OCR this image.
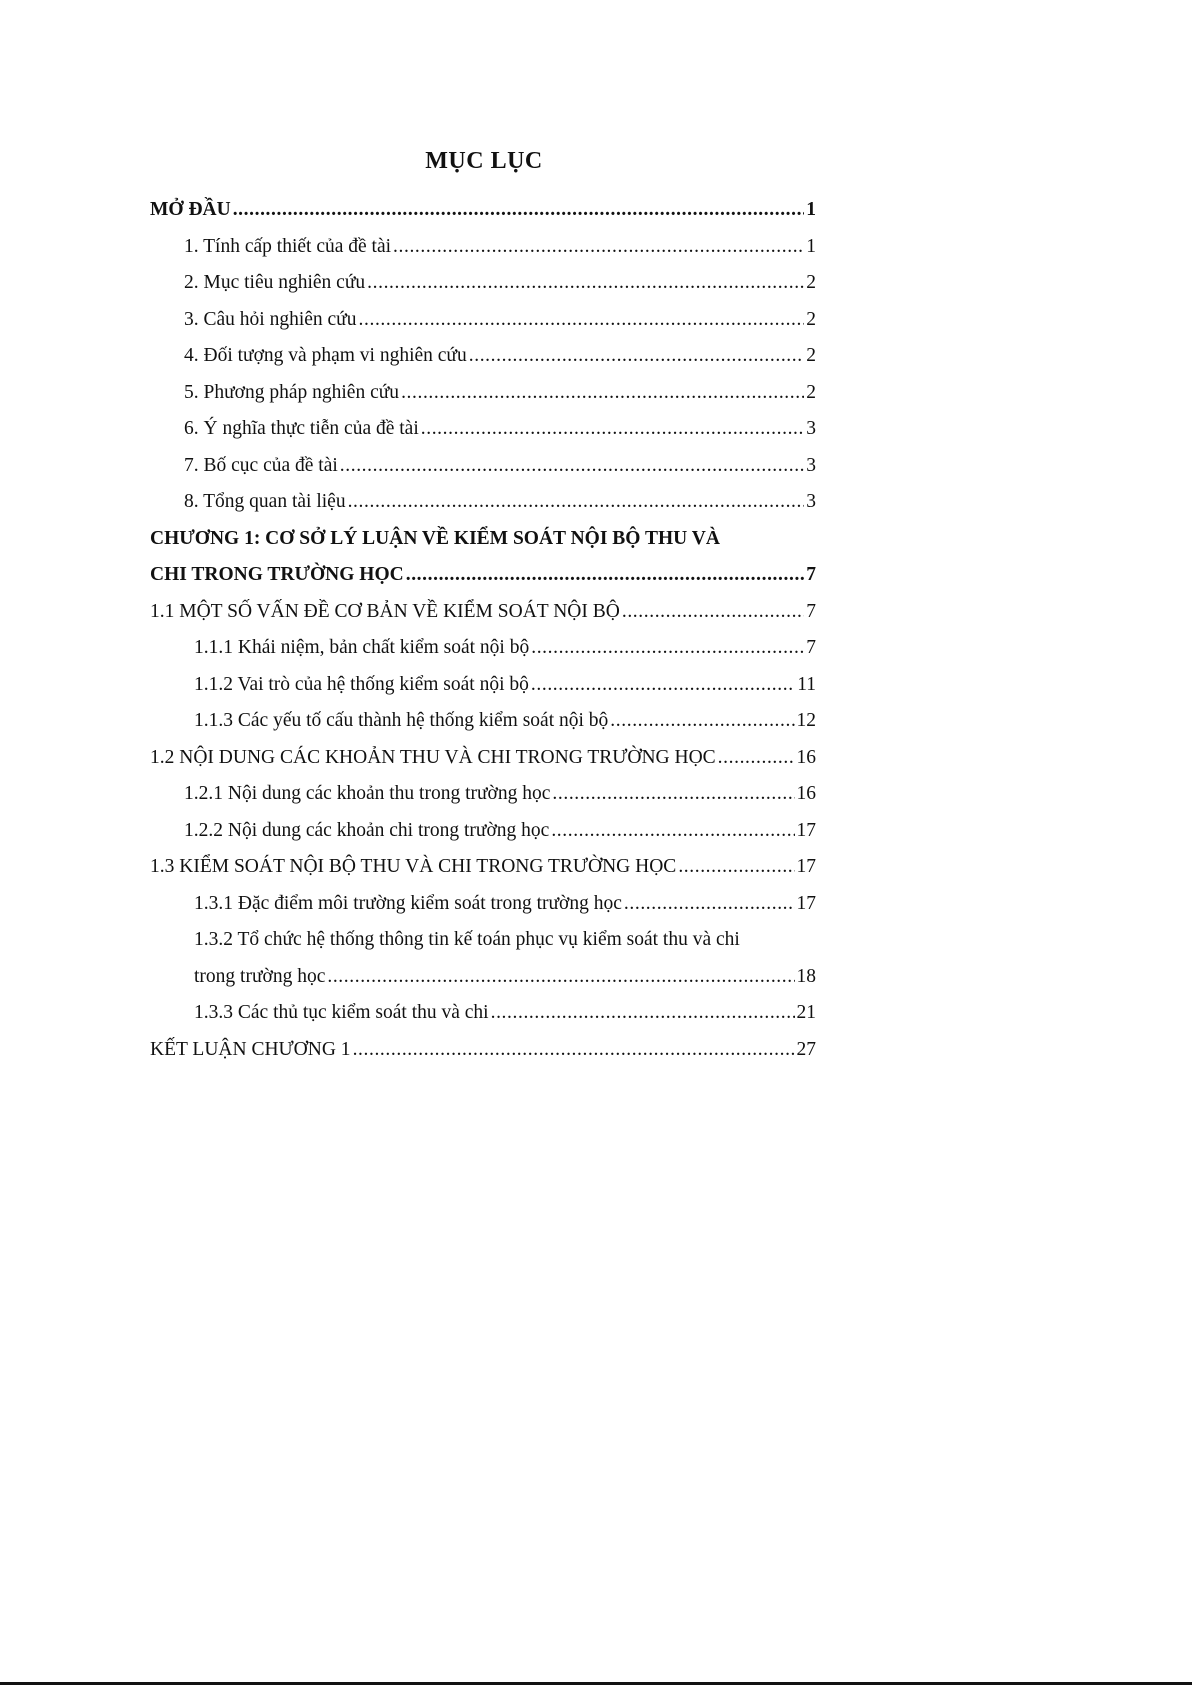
MỤC LỤC
MỞ ĐẦU .....	1
1. Tính cấp thiết của đề tài .....	1
2. Mục tiêu nghiên cứu .....	2
3. Câu hỏi nghiên cứu .....	2
4. Đối tượng và phạm vi nghiên cứu .....	2
5. Phương pháp nghiên cứu .....	2
6. Ý nghĩa thực tiễn của đề tài .....	3
7. Bố cục của đề tài .....	3
8. Tổng quan tài liệu .....	3
CHƯƠNG 1: CƠ SỞ LÝ LUẬN VỀ KIỂM SOÁT NỘI BỘ THU VÀ
CHI TRONG TRƯỜNG HỌC .....	7
1.1 MỘT SỐ VẤN ĐỀ CƠ BẢN VỀ KIỂM SOÁT NỘI BỘ .....	7
1.1.1 Khái niệm, bản chất kiểm soát nội bộ .....	7
1.1.2 Vai trò của hệ thống kiểm soát nội bộ .....	11
1.1.3 Các yếu tố cấu thành hệ thống kiểm soát nội bộ .....	12
1.2 NỘI DUNG CÁC KHOẢN THU VÀ CHI TRONG TRƯỜNG HỌC .....	16
1.2.1 Nội dung các khoản thu trong trường học .....	16
1.2.2 Nội dung các khoản chi trong trường học .....	17
1.3 KIỂM SOÁT NỘI BỘ THU VÀ CHI TRONG TRƯỜNG HỌC .....	17
1.3.1 Đặc điểm môi trường kiểm soát trong trường học .....	17
1.3.2 Tổ chức hệ thống thông tin kế toán phục vụ kiểm soát thu và chi
trong trường học .....	18
1.3.3 Các thủ tục kiểm soát thu và chi .....	21
KẾT LUẬN CHƯƠNG 1 .....	27
